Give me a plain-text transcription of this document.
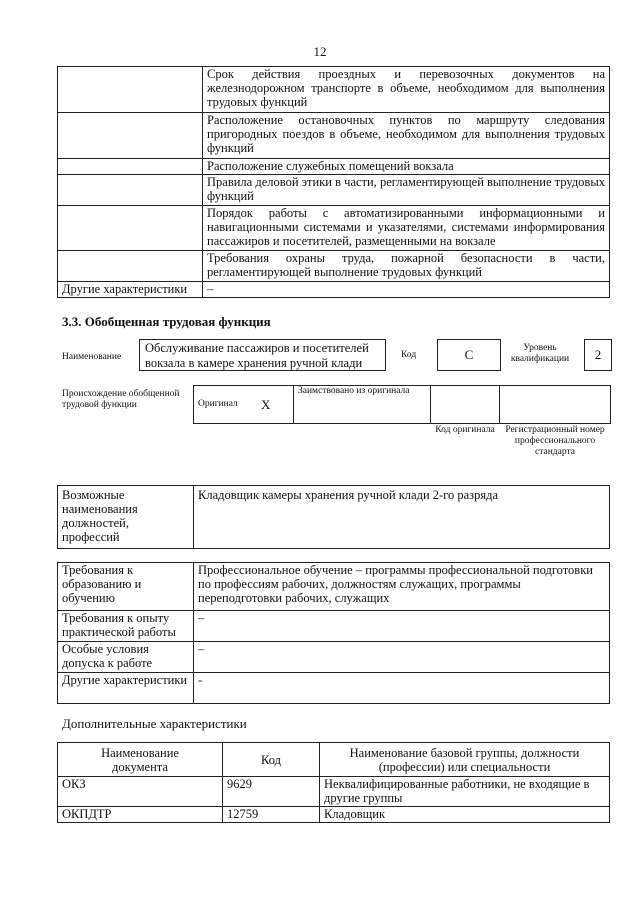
12
	Срок действия проездных и перевозочных документов на железнодорожном транспорте в объеме, необходимом для выполнения трудовых функций
	Расположение остановочных пунктов по маршруту следования пригородных поездов в объеме, необходимом для выполнения трудовых функций
	Расположение служебных помещений вокзала
	Правила деловой этики в части, регламентирующей выполнение трудовых функций
	Порядок работы с автоматизированными информационными и навигационными системами и указателями, системами информирования пассажиров и посетителей, размещенными на вокзале
	Требования охраны труда, пожарной безопасности в части, регламентирующей выполнение трудовых функций
Другие характеристики	–
3.3. Обобщенная трудовая функция
Наименование
Обслуживание пассажиров и посетителей вокзала в камере хранения ручной клади
Код	C	Уровень квалификации	2
Происхождение обобщенной трудовой функции	Оригинал	X	Заимствовано из оригинала		
Код оригинала	Регистрационный номер профессионального стандарта
Возможные наименования должностей, профессий	Кладовщик камеры хранения ручной клади 2-го разряда
Требования к образованию и обучению	Профессиональное обучение – программы профессиональной подготовки по профессиям рабочих, должностям служащих, программы переподготовки рабочих, служащих
Требования к опыту практической работы	–
Особые условия допуска к работе	–
Другие характеристики	-
Дополнительные характеристики
Наименование документа	Код	Наименование базовой группы, должности (профессии) или специальности
ОКЗ	9629	Неквалифицированные работники, не входящие в другие группы
ОКПДТР	12759	Кладовщик
